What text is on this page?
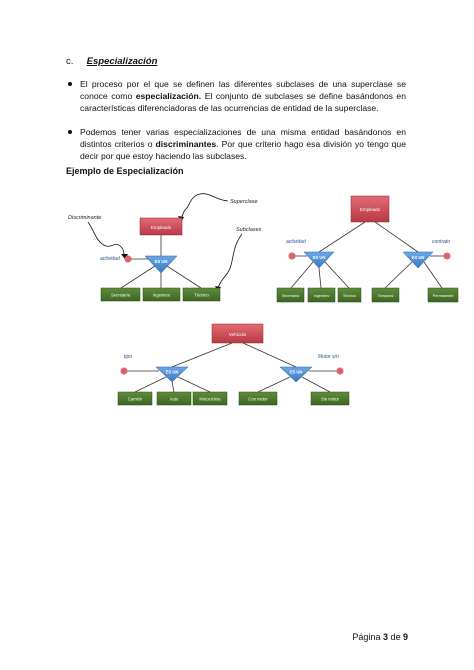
c. Especialización
El proceso por el que se definen las diferentes subclases de una superclase se conoce como especialización. El conjunto de subclases se define basándonos en características diferenciadoras de las ocurrencias de entidad de la superclase.
Podemos tener varias especializaciones de una misma entidad basándonos en distintos criterios o discriminantes. Por que criterio hago esa división yo tengo que decir por que estoy haciendo las subclases.
Ejemplo de Especialización
Discriminante
Superclase
Subclases
Empleado
ES UN
actividad
Secretaria	Ingeniero	Técnico
Empleado
ES UN
actividad
Secretaria	Ingeniero	Técnico
ES UN
contrato
Temporal	Permanente
Vehículo
ES UN
tipo
Camión	Auto	Motocicleta
ES UN
Motor s/n
Con motor	Sin motor
Página 3 de 9
